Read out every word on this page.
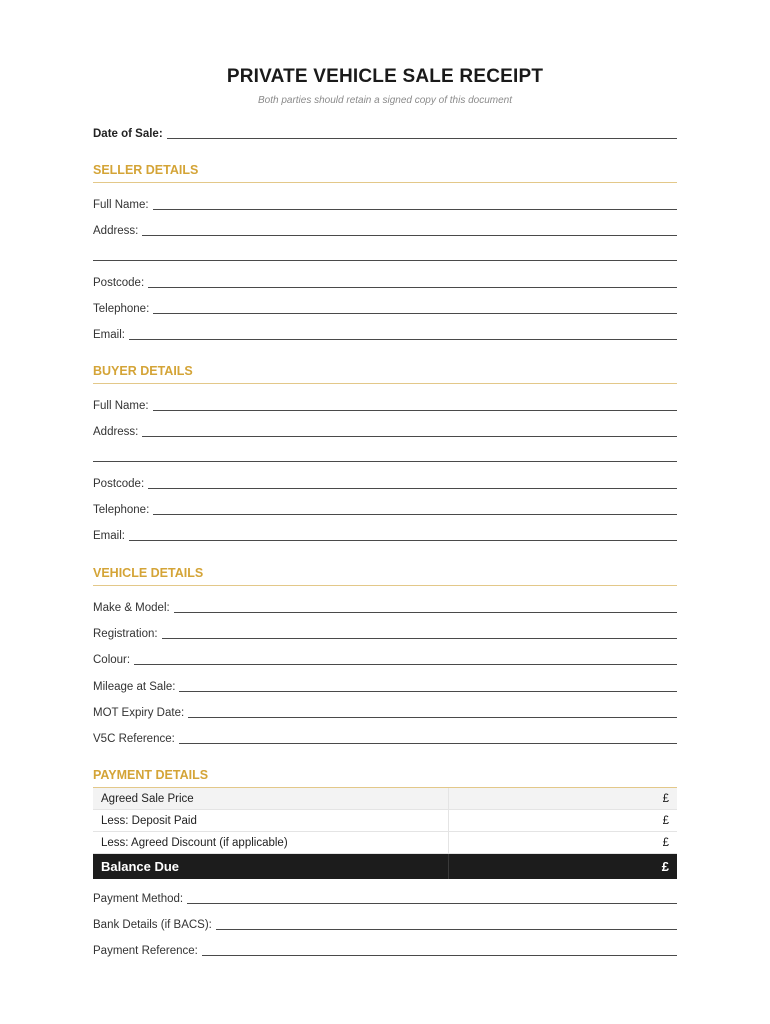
PRIVATE VEHICLE SALE RECEIPT
Both parties should retain a signed copy of this document
Date of Sale:
SELLER DETAILS
Full Name:
Address:
Postcode:
Telephone:
Email:
BUYER DETAILS
Full Name:
Address:
Postcode:
Telephone:
Email:
VEHICLE DETAILS
Make & Model:
Registration:
Colour:
Mileage at Sale:
MOT Expiry Date:
V5C Reference:
PAYMENT DETAILS
Agreed Sale Price	£
Less: Deposit Paid	£
Less: Agreed Discount (if applicable)	£
Balance Due	£
Payment Method:
Bank Details (if BACS):
Payment Reference:
